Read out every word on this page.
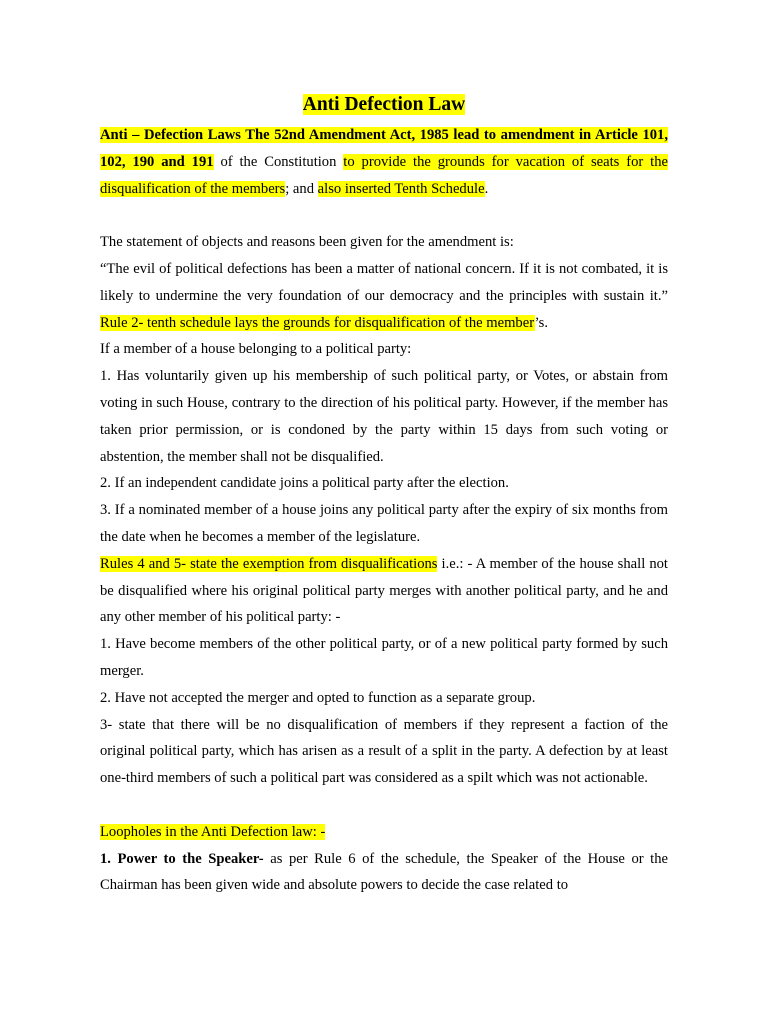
Anti Defection Law

Anti – Defection Laws The 52nd Amendment Act, 1985 lead to amendment in Article 101, 102, 190 and 191 of the Constitution to provide the grounds for vacation of seats for the disqualification of the members; and also inserted Tenth Schedule.

The statement of objects and reasons been given for the amendment is:

“The evil of political defections has been a matter of national concern. If it is not combated, it is likely to undermine the very foundation of our democracy and the principles with sustain it.” Rule 2- tenth schedule lays the grounds for disqualification of the member’s.

If a member of a house belonging to a political party:

1. Has voluntarily given up his membership of such political party, or Votes, or abstain from voting in such House, contrary to the direction of his political party. However, if the member has taken prior permission, or is condoned by the party within 15 days from such voting or abstention, the member shall not be disqualified.

2. If an independent candidate joins a political party after the election.

3. If a nominated member of a house joins any political party after the expiry of six months from the date when he becomes a member of the legislature.

Rules 4 and 5- state the exemption from disqualifications i.e.: - A member of the house shall not be disqualified where his original political party merges with another political party, and he and any other member of his political party: -

1. Have become members of the other political party, or of a new political party formed by such merger.

2. Have not accepted the merger and opted to function as a separate group.

3- state that there will be no disqualification of members if they represent a faction of the original political party, which has arisen as a result of a split in the party. A defection by at least one-third members of such a political part was considered as a spilt which was not actionable.

Loopholes in the Anti Defection law: -

1. Power to the Speaker- as per Rule 6 of the schedule, the Speaker of the House or the Chairman has been given wide and absolute powers to decide the case related to
